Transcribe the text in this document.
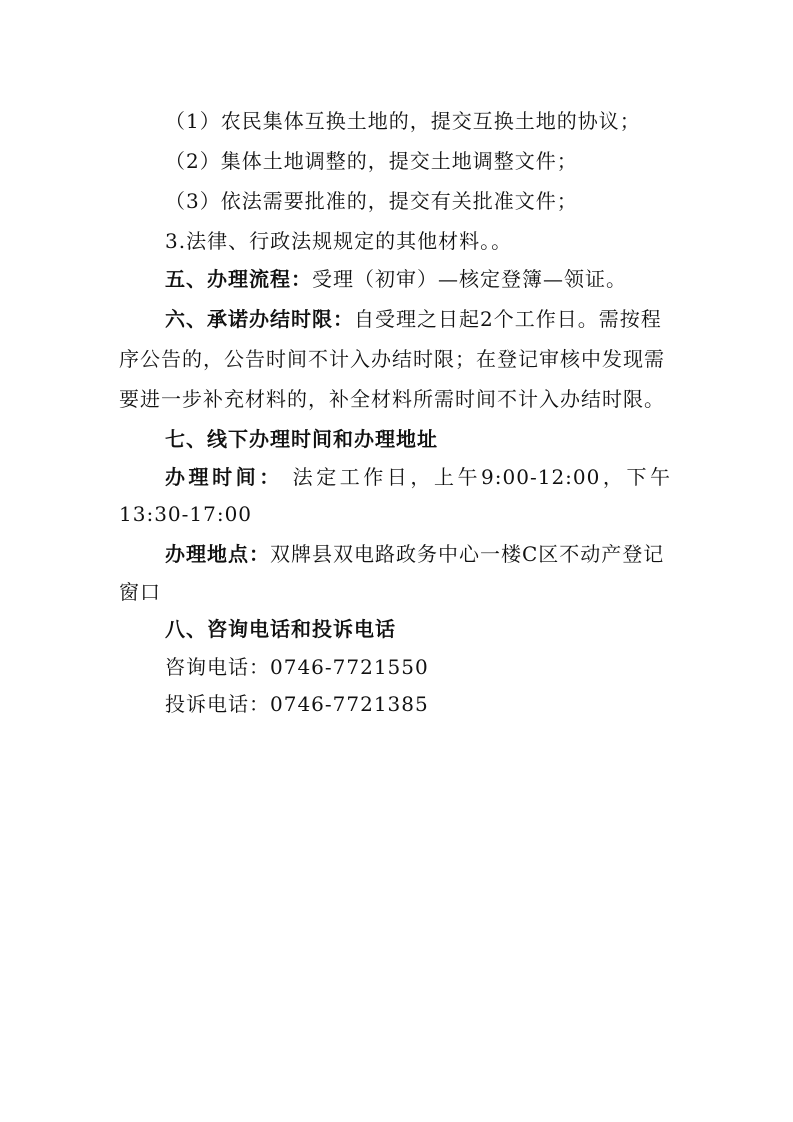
（1）农民集体互换土地的，提交互换土地的协议；
（2）集体土地调整的，提交土地调整文件；
（3）依法需要批准的，提交有关批准文件；
3.法律、行政法规规定的其他材料。。
五、办理流程：受理（初审）—核定登簿—领证。
六、承诺办结时限：自受理之日起2个工作日。需按程
序公告的，公告时间不计入办结时限；在登记审核中发现需
要进一步补充材料的，补全材料所需时间不计入办结时限。
七、线下办理时间和办理地址
办理时间： 法定工作日，上午9:00-12:00，下午
13:30-17:00
办理地点：双牌县双电路政务中心一楼C区不动产登记
窗口
八、咨询电话和投诉电话
咨询电话：0746-7721550
投诉电话：0746-7721385
